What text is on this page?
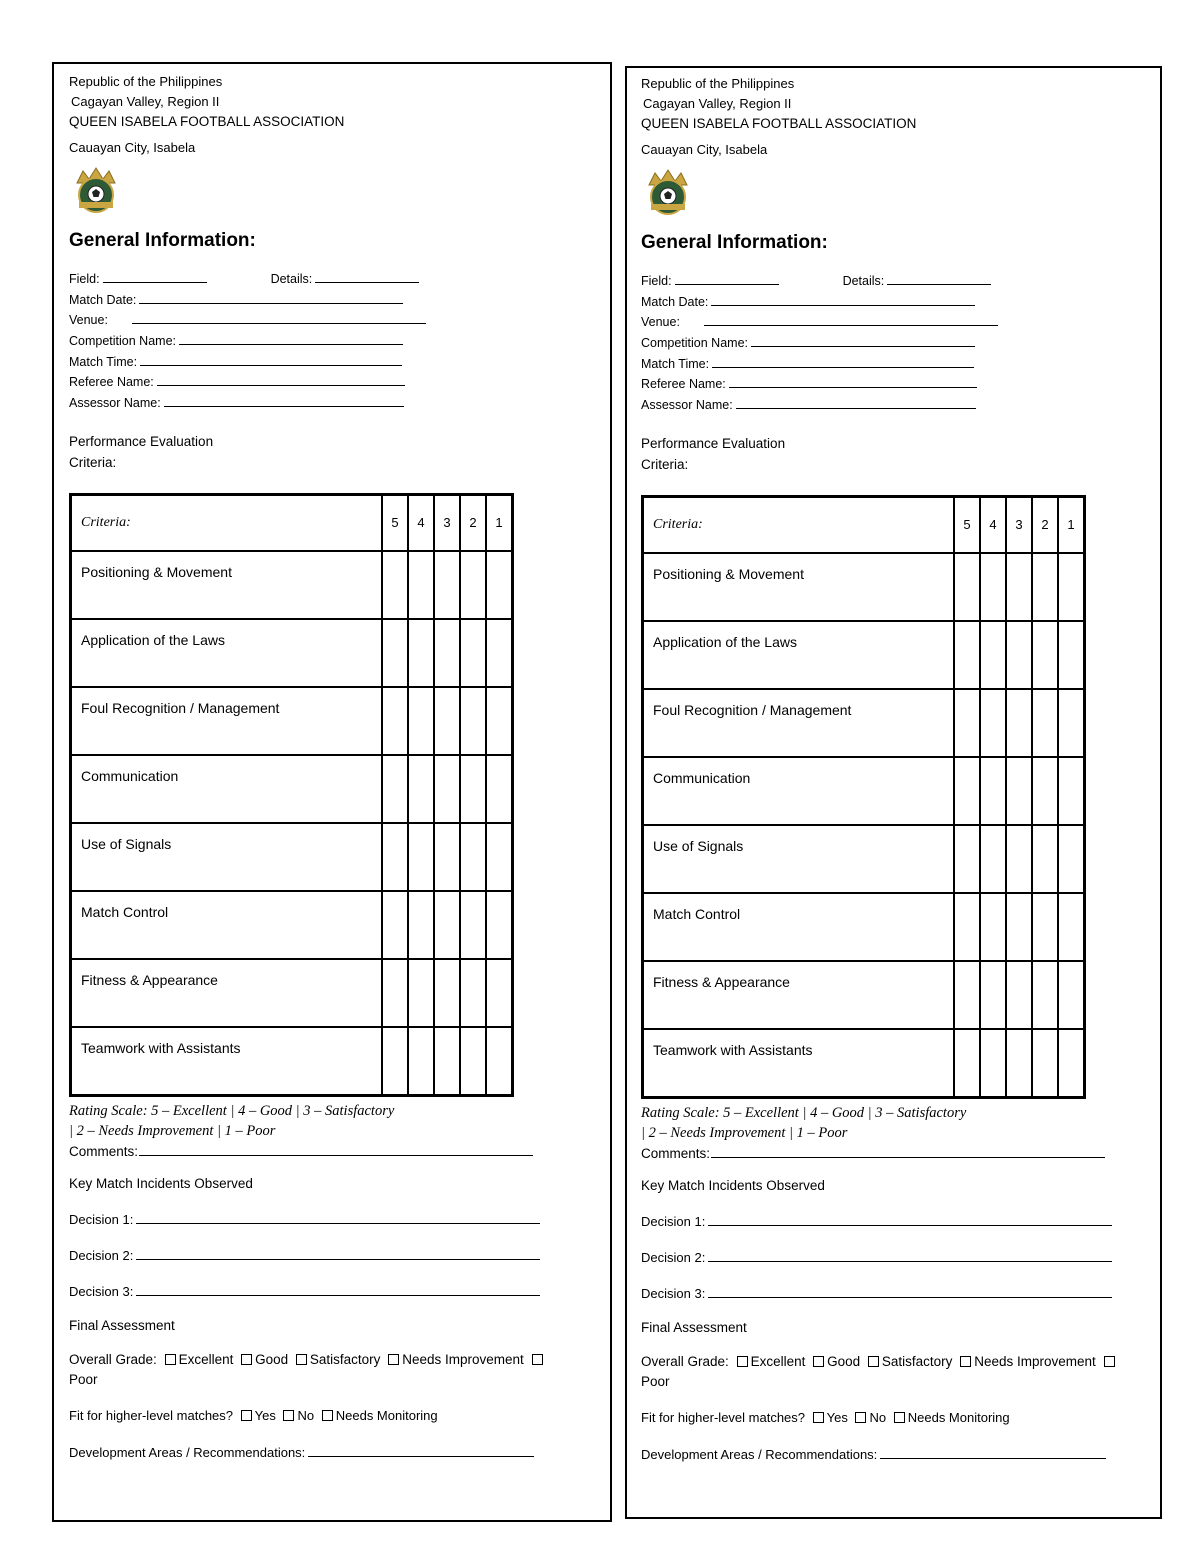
Republic of the Philippines
Cagayan Valley, Region II
QUEEN ISABELA FOOTBALL ASSOCIATION
Cauayan City, Isabela
General Information:
Field:	Details:
Match Date:
Venue:
Competition Name:
Match Time:
Referee Name:
Assessor Name:
Performance Evaluation
Criteria:
Criteria:	5	4	3	2	1
Positioning & Movement					
Application of the Laws					
Foul Recognition / Management					
Communication					
Use of Signals					
Match Control					
Fitness & Appearance					
Teamwork with Assistants					
Rating Scale: 5 – Excellent | 4 – Good | 3 – Satisfactory
| 2 – Needs Improvement | 1 – Poor
Comments:
Key Match Incidents Observed
Decision 1:
Decision 2:
Decision 3:
Final Assessment
Overall Grade: Excellent Good Satisfactory Needs Improvement Poor
Fit for higher-level matches? Yes No Needs Monitoring
Development Areas / Recommendations:
Republic of the Philippines
Cagayan Valley, Region II
QUEEN ISABELA FOOTBALL ASSOCIATION
Cauayan City, Isabela
General Information:
Field:	Details:
Match Date:
Venue:
Competition Name:
Match Time:
Referee Name:
Assessor Name:
Performance Evaluation
Criteria:
Criteria:	5	4	3	2	1
Positioning & Movement					
Application of the Laws					
Foul Recognition / Management					
Communication					
Use of Signals					
Match Control					
Fitness & Appearance					
Teamwork with Assistants					
Rating Scale: 5 – Excellent | 4 – Good | 3 – Satisfactory
| 2 – Needs Improvement | 1 – Poor
Comments:
Key Match Incidents Observed
Decision 1:
Decision 2:
Decision 3:
Final Assessment
Overall Grade: Excellent Good Satisfactory Needs Improvement Poor
Fit for higher-level matches? Yes No Needs Monitoring
Development Areas / Recommendations:
